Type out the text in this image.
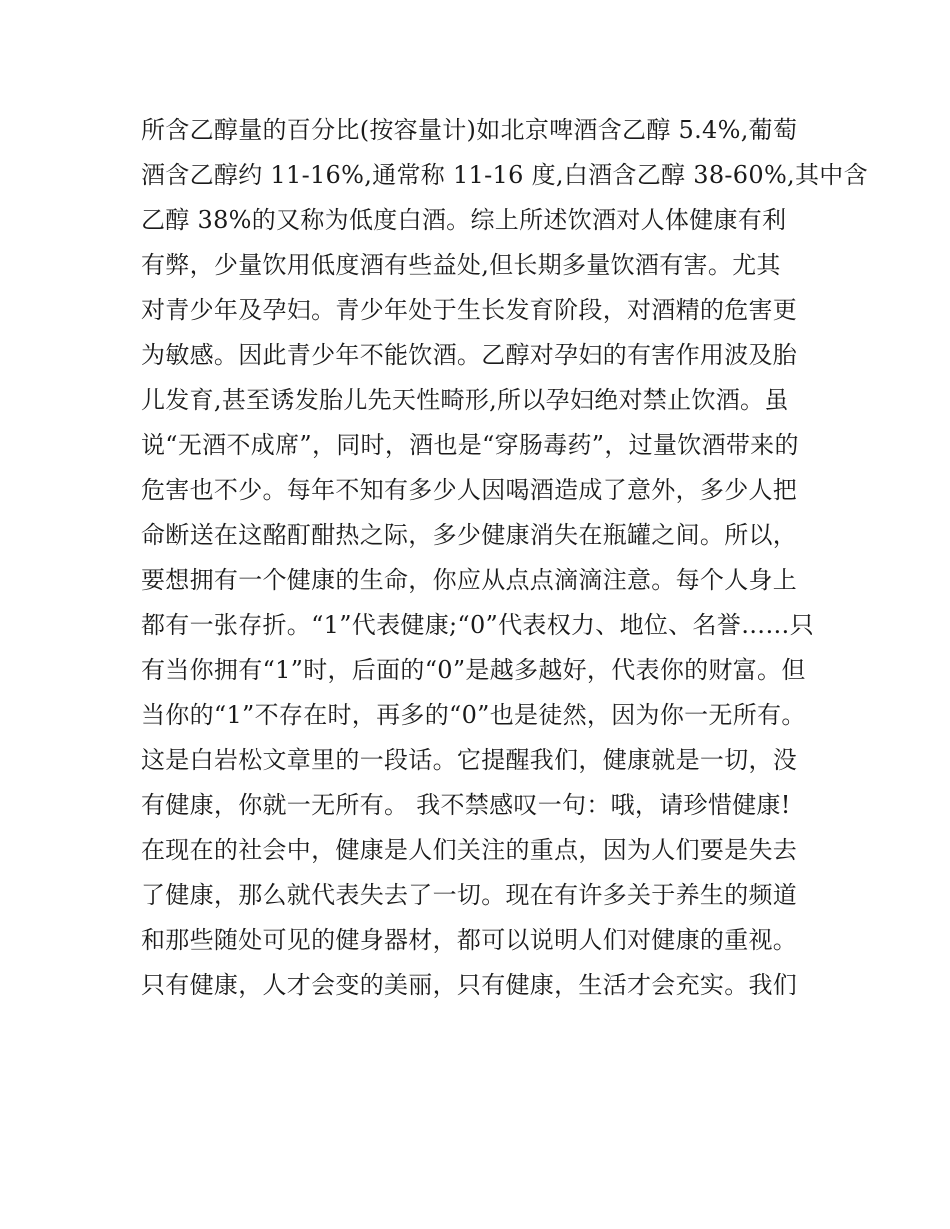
所含乙醇量的百分比(按容量计)如北京啤酒含乙醇 5.4%,葡萄
酒含乙醇约 11-16%,通常称 11-16 度,白酒含乙醇 38-60%,其中含
乙醇 38%的又称为低度白酒。综上所述饮酒对人体健康有利
有弊，少量饮用低度酒有些益处,但长期多量饮酒有害。尤其
对青少年及孕妇。青少年处于生长发育阶段，对酒精的危害更
为敏感。因此青少年不能饮酒。乙醇对孕妇的有害作用波及胎
儿发育,甚至诱发胎儿先天性畸形,所以孕妇绝对禁止饮酒。虽
说“无酒不成席”，同时，酒也是“穿肠毒药”，过量饮酒带来的
危害也不少。每年不知有多少人因喝酒造成了意外，多少人把
命断送在这酩酊酣热之际，多少健康消失在瓶罐之间。所以，
要想拥有一个健康的生命，你应从点点滴滴注意。每个人身上
都有一张存折。“1”代表健康;“0”代表权力、地位、名誉……只
有当你拥有“1”时，后面的“0”是越多越好，代表你的财富。但
当你的“1”不存在时，再多的“0”也是徒然，因为你一无所有。
这是白岩松文章里的一段话。它提醒我们，健康就是一切，没
有健康，你就一无所有。 我不禁感叹一句：哦，请珍惜健康!
在现在的社会中，健康是人们关注的重点，因为人们要是失去
了健康，那么就代表失去了一切。现在有许多关于养生的频道
和那些随处可见的健身器材，都可以说明人们对健康的重视。
只有健康，人才会变的美丽，只有健康，生活才会充实。我们
